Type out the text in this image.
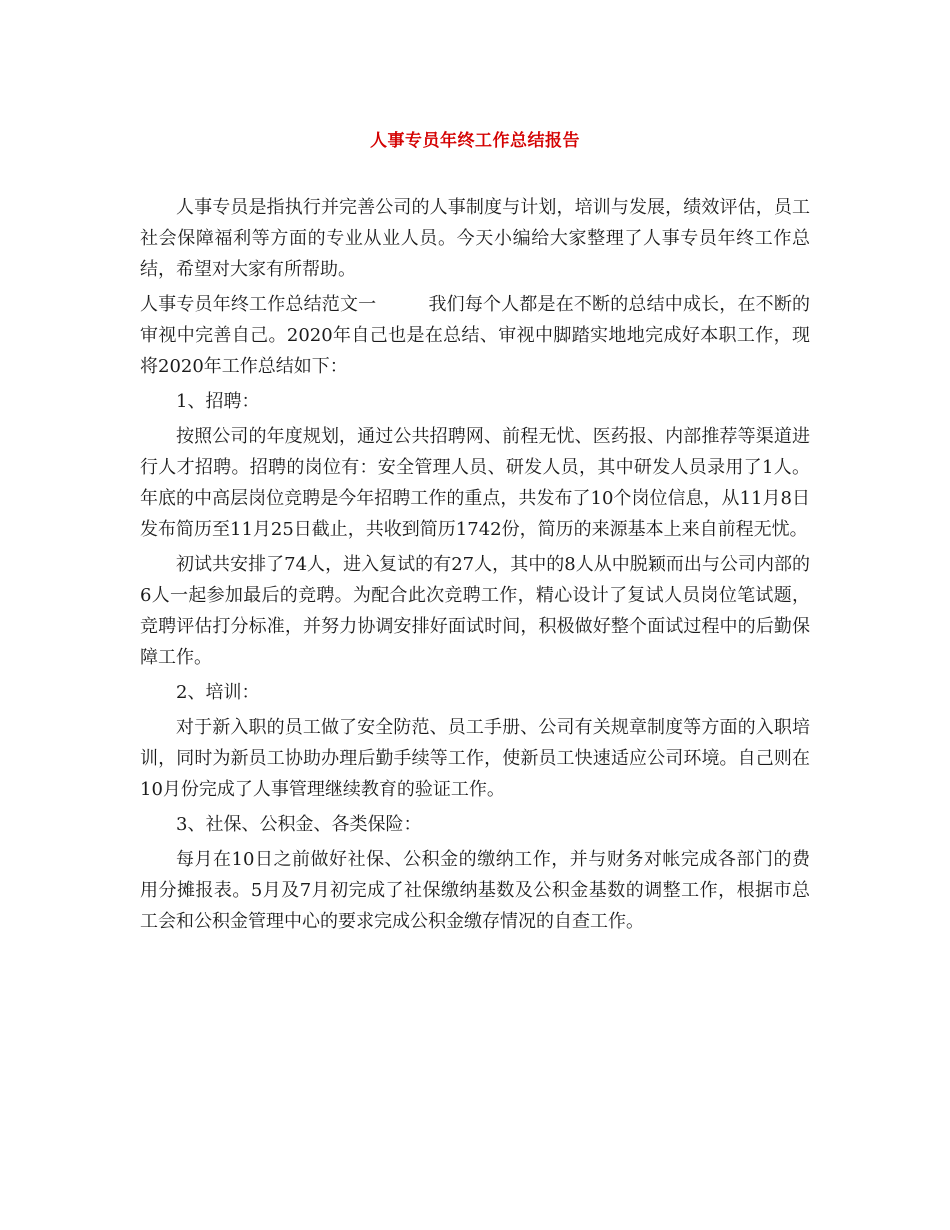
人事专员年终工作总结报告

人事专员是指执行并完善公司的人事制度与计划，培训与发展，绩效评估，员工社会保障福利等方面的专业从业人员。今天小编给大家整理了人事专员年终工作总结，希望对大家有所帮助。

人事专员年终工作总结范文一	我们每个人都是在不断的总结中成长，在不断的审视中完善自己。2020年自己也是在总结、审视中脚踏实地地完成好本职工作，现将2020年工作总结如下：

1、招聘：

按照公司的年度规划，通过公共招聘网、前程无忧、医药报、内部推荐等渠道进行人才招聘。招聘的岗位有：安全管理人员、研发人员，其中研发人员录用了1人。年底的中高层岗位竞聘是今年招聘工作的重点，共发布了10个岗位信息，从11月8日发布简历至11月25日截止，共收到简历1742份，简历的来源基本上来自前程无忧。

初试共安排了74人，进入复试的有27人，其中的8人从中脱颖而出与公司内部的6人一起参加最后的竞聘。为配合此次竞聘工作，精心设计了复试人员岗位笔试题，竞聘评估打分标准，并努力协调安排好面试时间，积极做好整个面试过程中的后勤保障工作。

2、培训：

对于新入职的员工做了安全防范、员工手册、公司有关规章制度等方面的入职培训，同时为新员工协助办理后勤手续等工作，使新员工快速适应公司环境。自己则在10月份完成了人事管理继续教育的验证工作。

3、社保、公积金、各类保险：

每月在10日之前做好社保、公积金的缴纳工作，并与财务对帐完成各部门的费用分摊报表。5月及7月初完成了社保缴纳基数及公积金基数的调整工作，根据市总工会和公积金管理中心的要求完成公积金缴存情况的自查工作。
